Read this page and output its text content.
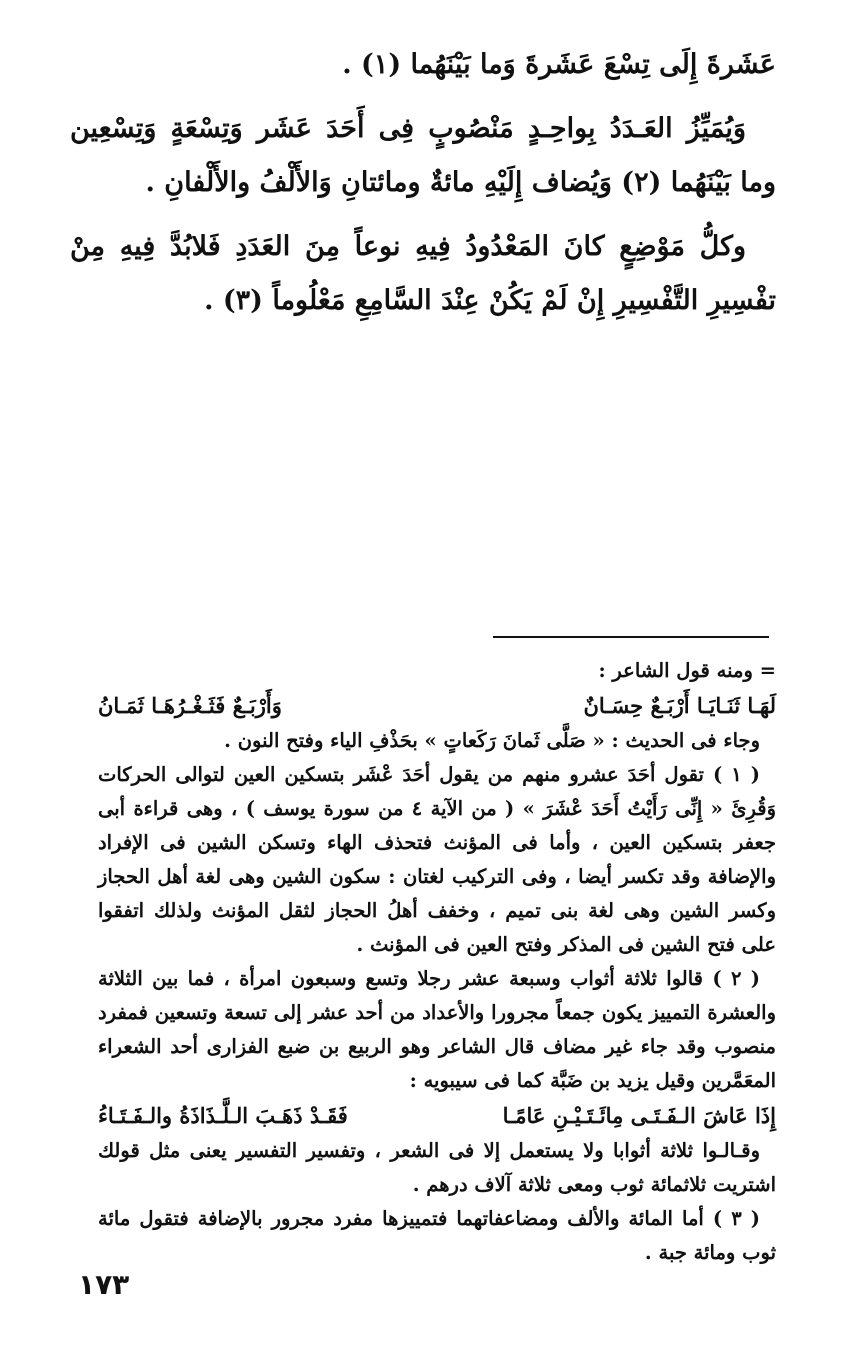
عَشَرةَ إِلَى تِسْعَ عَشَرةَ وَما بَيْنَهُما (١) .

وَيُمَيِّزُ العَـدَدُ بِواحِـدٍ مَنْصُوبٍ فِى أَحَدَ عَشَر وَتِسْعَةٍ وَتِسْعِين وما بَيْنَهُما (٢) وَيُضاف إِلَيْهِ مائةٌ ومائتانِ وَالأَلْفُ والأَلْفانِ .

وكلُّ مَوْضِعٍ كانَ المَعْدُودُ فِيهِ نوعاً مِنَ العَدَدِ فَلابُدَّ فِيهِ مِنْ تفْسِيرِ التَّفْسِيرِ إِنْ لَمْ يَكُنْ عِنْدَ السَّامِعِ مَعْلُوماً (٣) .

= ومنه قول الشاعر :

لَهَـا ثَنَـايَـا أَرْبَـعٌ حِسَـانٌ
وَأَرْبَـعٌ فَثَـغْـرُهَـا ثَمَـانُ

وجاء فى الحديث : « صَلَّى ثَمانَ رَكَعاتٍ » بحَذْفِ الياء وفتح النون .

( ١ ) تقول أحَدَ عشرو منهم من يقول أحَدَ عْشَر بتسكين العين لتوالى الحركات وَقُرِئَ « إِنِّى رَأَيْتُ أَحَدَ عْشَرَ » ( من الآية ٤ من سورة يوسف ) ، وهى قراءة أبى جعفر بتسكين العين ، وأما فى المؤنث فتحذف الهاء وتسكن الشين فى الإفراد والإضافة وقد تكسر أيضا ، وفى التركيب لغتان : سكون الشين وهى لغة أهل الحجاز وكسر الشين وهى لغة بنى تميم ، وخفف أهلُ الحجاز لثقل المؤنث ولذلك اتفقوا على فتح الشين فى المذكر وفتح العين فى المؤنث .

( ٢ ) قالوا ثلاثة أثواب وسبعة عشر رجلا وتسع وسبعون امرأة ، فما بين الثلاثة والعشرة التمييز يكون جمعاً مجرورا والأعداد من أحد عشر إلى تسعة وتسعين فمفرد منصوب وقد جاء غير مضاف قال الشاعر وهو الربيع بن ضبع الفزارى أحد الشعراء المعَمَّرين وقيل يزيد بن ضَبَّة كما فى سيبويه :

إِذَا عَاشَ الـفَـتَـى مِائَـتَـيْـنِ عَامًـا
فَقَـدْ ذَهَـبَ الـلَّـذَاذَةُ والـفَـتَـاءُ

وقـالـوا ثلاثة أثوابا ولا يستعمل إلا فى الشعر ، وتفسير التفسير يعنى مثل قولك اشتريت ثلاثمائة ثوب ومعى ثلاثة آلاف درهم .

( ٣ ) أما المائة والألف ومضاعفاتهما فتمييزها مفرد مجرور بالإضافة فتقول مائة ثوب ومائة جبة .

١٧٣
